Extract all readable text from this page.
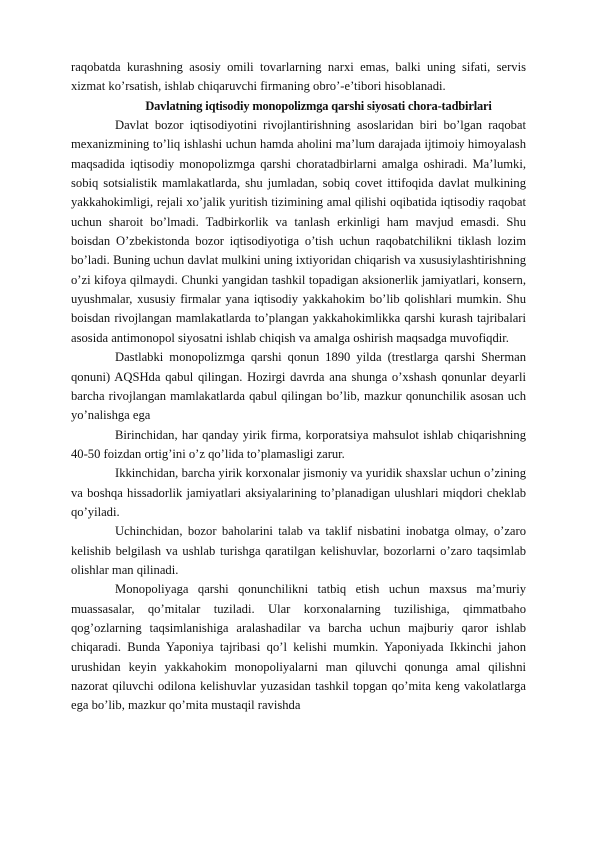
raqobatda kurashning asosiy omili tovarlarning narxi emas, balki uning sifati, servis xizmat ko’rsatish, ishlab chiqaruvchi firmaning obro’-e’tibori hisoblanadi.

Davlatning iqtisodiy monopolizmga qarshi siyosati chora-tadbirlari

Davlat bozor iqtisodiyotini rivojlantirishning asoslaridan biri bo’lgan raqobat mexanizmining to’liq ishlashi uchun hamda aholini ma’lum darajada ijtimoiy himoyalash maqsadida iqtisodiy monopolizmga qarshi choratadbirlarni amalga oshiradi. Ma’lumki, sobiq sotsialistik mamlakatlarda, shu jumladan, sobiq covet ittifoqida davlat mulkining yakkahokimligi, rejali xo’jalik yuritish tizimining amal qilishi oqibatida iqtisodiy raqobat uchun sharoit bo’lmadi. Tadbirkorlik va tanlash erkinligi ham mavjud emasdi. Shu boisdan O’zbekistonda bozor iqtisodiyotiga o’tish uchun raqobatchilikni tiklash lozim bo’ladi. Buning uchun davlat mulkini uning ixtiyoridan chiqarish va xususiylashtirishning o’zi kifoya qilmaydi. Chunki yangidan tashkil topadigan aksionerlik jamiyatlari, konsern, uyushmalar, xususiy firmalar yana iqtisodiy yakkahokim bo’lib qolishlari mumkin. Shu boisdan rivojlangan mamlakatlarda to’plangan yakkahokimlikka qarshi kurash tajribalari asosida antimonopol siyosatni ishlab chiqish va amalga oshirish maqsadga muvofiqdir.

Dastlabki monopolizmga qarshi qonun 1890 yilda (trestlarga qarshi Sherman qonuni) AQSHda qabul qilingan. Hozirgi davrda ana shunga o’xshash qonunlar deyarli barcha rivojlangan mamlakatlarda qabul qilingan bo’lib, mazkur qonunchilik asosan uch yo’nalishga ega

Birinchidan, har qanday yirik firma, korporatsiya mahsulot ishlab chiqarishning 40-50 foizdan ortig’ini o’z qo’lida to’plamasligi zarur.

Ikkinchidan, barcha yirik korxonalar jismoniy va yuridik shaxslar uchun o’zining va boshqa hissadorlik jamiyatlari aksiyalarining to’planadigan ulushlari miqdori cheklab qo’yiladi.

Uchinchidan, bozor baholarini talab va taklif nisbatini inobatga olmay, o’zaro kelishib belgilash va ushlab turishga qaratilgan kelishuvlar, bozorlarni o’zaro taqsimlab olishlar man qilinadi.

Monopoliyaga qarshi qonunchilikni tatbiq etish uchun maxsus ma’muriy muassasalar, qo’mitalar tuziladi. Ular korxonalarning tuzilishiga, qimmatbaho qog’ozlarning taqsimlanishiga aralashadilar va barcha uchun majburiy qaror ishlab chiqaradi. Bunda Yaponiya tajribasi qo’l kelishi mumkin. Yaponiyada Ikkinchi jahon urushidan keyin yakkahokim monopoliyalarni man qiluvchi qonunga amal qilishni nazorat qiluvchi odilona kelishuvlar yuzasidan tashkil topgan qo’mita keng vakolatlarga ega bo’lib, mazkur qo’mita mustaqil ravishda
